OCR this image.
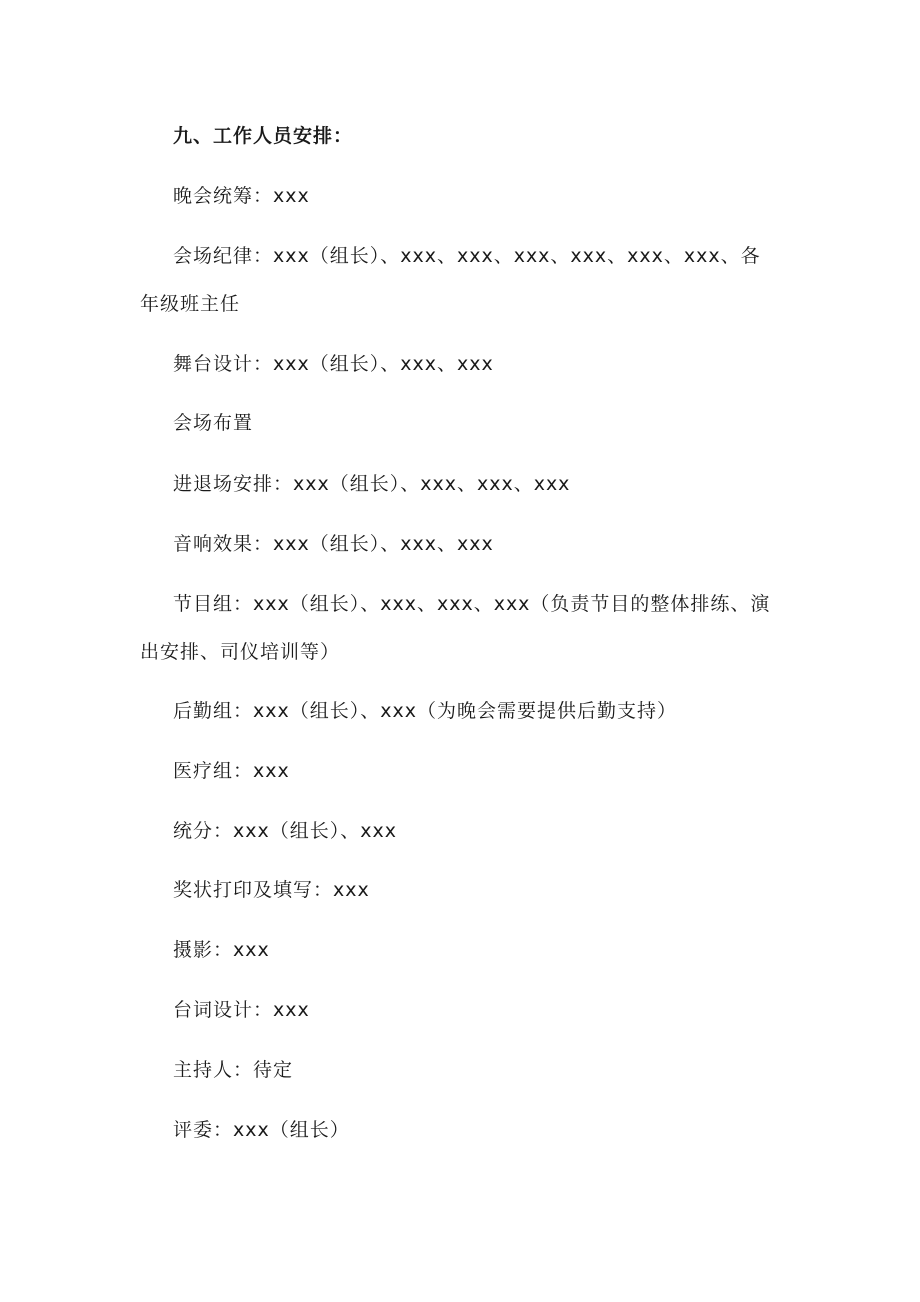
九、工作人员安排：

晚会统筹：xxx

会场纪律：xxx（组长）、xxx、xxx、xxx、xxx、xxx、xxx、各年级班主任

舞台设计：xxx（组长）、xxx、xxx

会场布置

进退场安排：xxx（组长）、xxx、xxx、xxx

音响效果：xxx（组长）、xxx、xxx

节目组：xxx（组长）、xxx、xxx、xxx（负责节目的整体排练、演出安排、司仪培训等）

后勤组：xxx（组长）、xxx（为晚会需要提供后勤支持）

医疗组：xxx

统分：xxx（组长）、xxx

奖状打印及填写：xxx

摄影：xxx

台词设计：xxx

主持人：待定

评委：xxx（组长）
